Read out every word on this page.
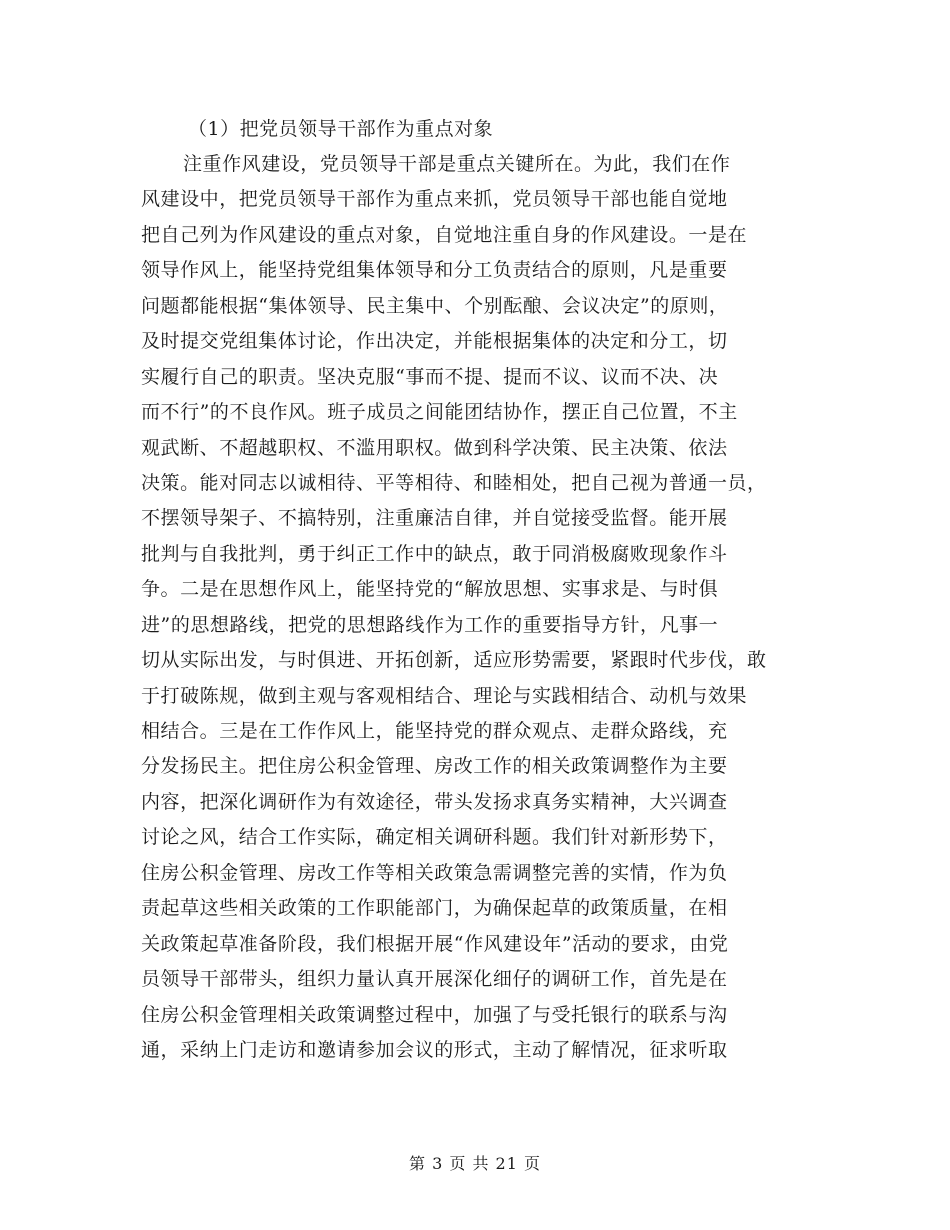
（1）把党员领导干部作为重点对象
注重作风建设，党员领导干部是重点关键所在。为此，我们在作
风建设中，把党员领导干部作为重点来抓，党员领导干部也能自觉地
把自己列为作风建设的重点对象，自觉地注重自身的作风建设。一是在
领导作风上，能坚持党组集体领导和分工负责结合的原则，凡是重要
问题都能根据“集体领导、民主集中、个别酝酿、会议决定”的原则，
及时提交党组集体讨论，作出决定，并能根据集体的决定和分工，切
实履行自己的职责。坚决克服“事而不提、提而不议、议而不决、决
而不行”的不良作风。班子成员之间能团结协作，摆正自己位置，不主
观武断、不超越职权、不滥用职权。做到科学决策、民主决策、依法
决策。能对同志以诚相待、平等相待、和睦相处，把自己视为普通一员，
不摆领导架子、不搞特别，注重廉洁自律，并自觉接受监督。能开展
批判与自我批判，勇于纠正工作中的缺点，敢于同消极腐败现象作斗
争。二是在思想作风上，能坚持党的“解放思想、实事求是、与时俱
进”的思想路线，把党的思想路线作为工作的重要指导方针，凡事一
切从实际出发，与时俱进、开拓创新，适应形势需要，紧跟时代步伐，敢
于打破陈规，做到主观与客观相结合、理论与实践相结合、动机与效果
相结合。三是在工作作风上，能坚持党的群众观点、走群众路线，充
分发扬民主。把住房公积金管理、房改工作的相关政策调整作为主要
内容，把深化调研作为有效途径，带头发扬求真务实精神，大兴调查
讨论之风，结合工作实际，确定相关调研科题。我们针对新形势下，
住房公积金管理、房改工作等相关政策急需调整完善的实情，作为负
责起草这些相关政策的工作职能部门，为确保起草的政策质量，在相
关政策起草准备阶段，我们根据开展“作风建设年”活动的要求，由党
员领导干部带头，组织力量认真开展深化细仔的调研工作，首先是在
住房公积金管理相关政策调整过程中，加强了与受托银行的联系与沟
通，采纳上门走访和邀请参加会议的形式，主动了解情况，征求听取
第 3 页 共 21 页
